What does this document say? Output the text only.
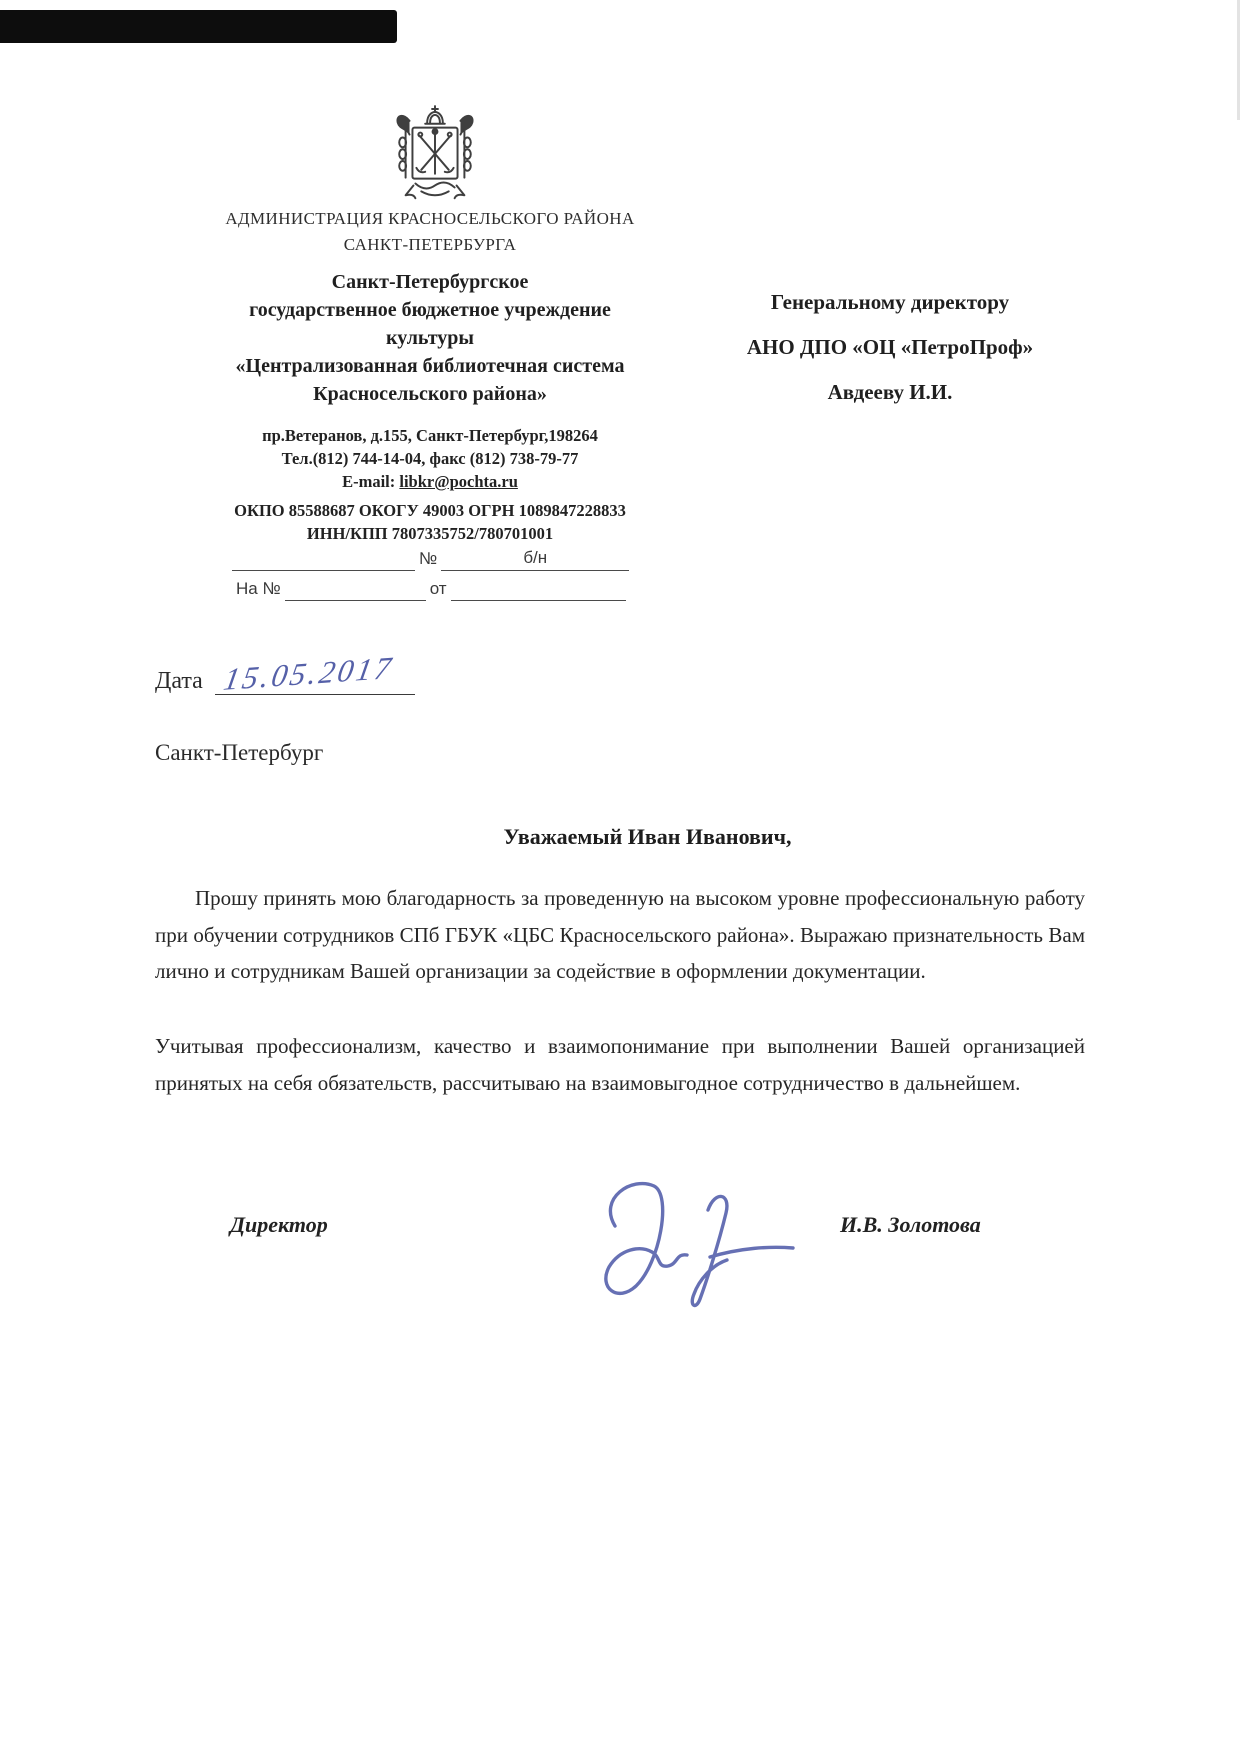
АДМИНИСТРАЦИЯ КРАСНОСЕЛЬСКОГО РАЙОНА
САНКТ-ПЕТЕРБУРГА
Санкт-Петербургское
государственное бюджетное учреждение
культуры
«Централизованная библиотечная система
Красносельского района»
Генеральному директору
АНО ДПО «ОЦ «ПетроПроф»
Авдееву И.И.
пр.Ветеранов, д.155, Санкт-Петербург,198264
Тел.(812) 744-14-04, факс (812) 738-79-77
E-mail: libkr@pochta.ru
ОКПО 85588687 ОКОГУ 49003 ОГРН 1089847228833
ИНН/КПП 7807335752/780701001
№	б/н
На №	от
Дата 15.05.2017
Санкт-Петербург
Уважаемый Иван Иванович,
Прошу принять мою благодарность за проведенную на высоком уровне профессиональную работу при обучении сотрудников СПб ГБУК «ЦБС Красносельского района». Выражаю признательность Вам лично и сотрудникам Вашей организации за содействие в оформлении документации.
Учитывая профессионализм, качество и взаимопонимание при выполнении Вашей организацией принятых на себя обязательств, рассчитываю на взаимовыгодное сотрудничество в дальнейшем.
Директор	И.В. Золотова
